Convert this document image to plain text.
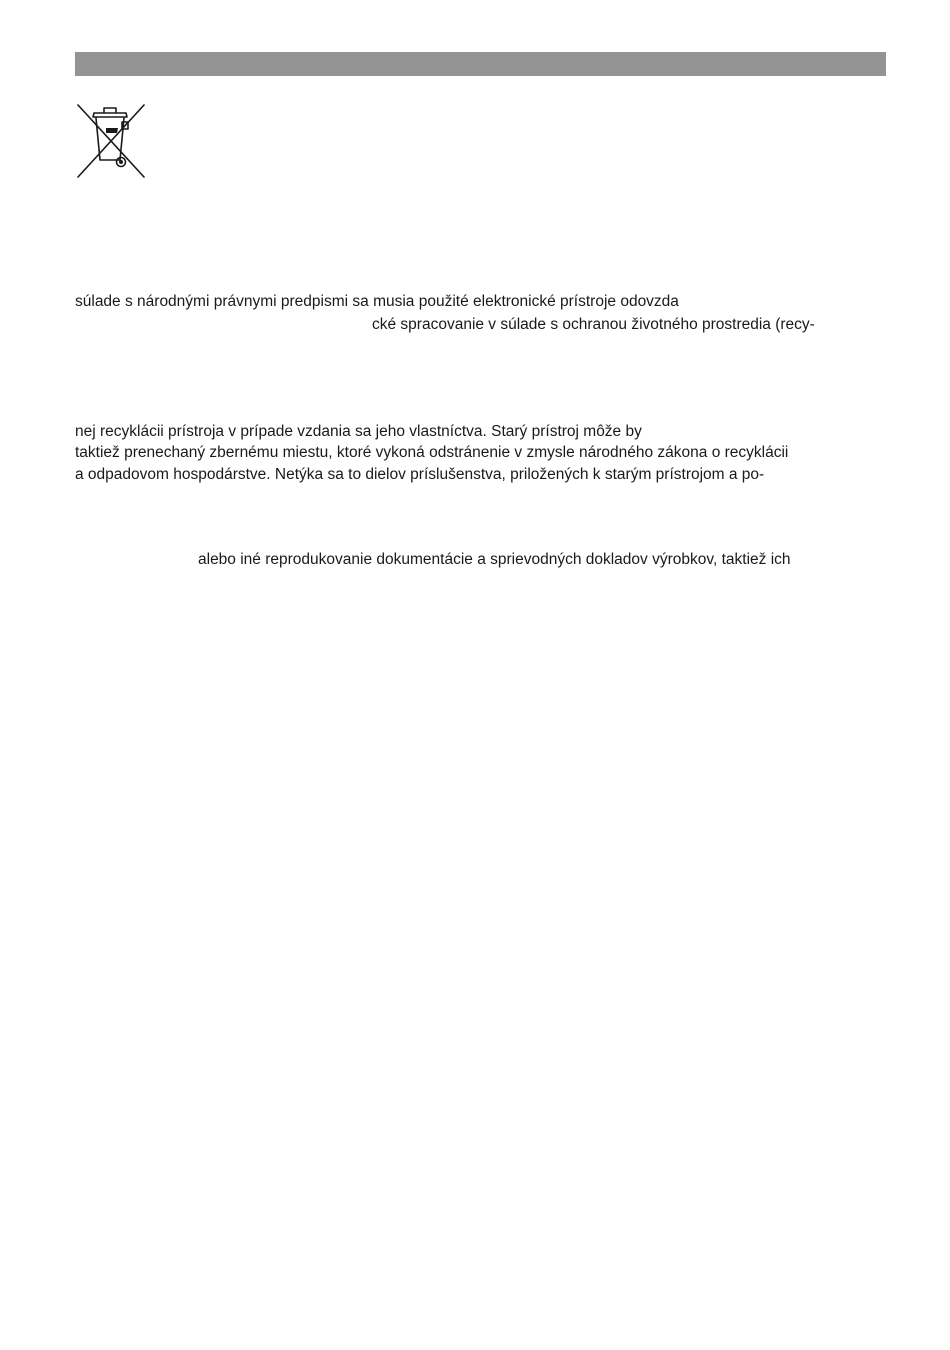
súlade s národnými právnymi predpismi sa musia použité elektronické prístroje odovzda
cké spracovanie v súlade s ochranou životného prostredia (recy-
nej recyklácii prístroja v prípade vzdania sa jeho vlastníctva. Starý prístroj môže by
taktiež prenechaný zbernému miestu, ktoré vykoná odstránenie v zmysle národného zákona o recyklácii
a odpadovom hospodárstve. Netýka sa to dielov príslušenstva, priložených k starým prístrojom a po-
alebo iné reprodukovanie dokumentácie a sprievodných dokladov výrobkov, taktiež ich
